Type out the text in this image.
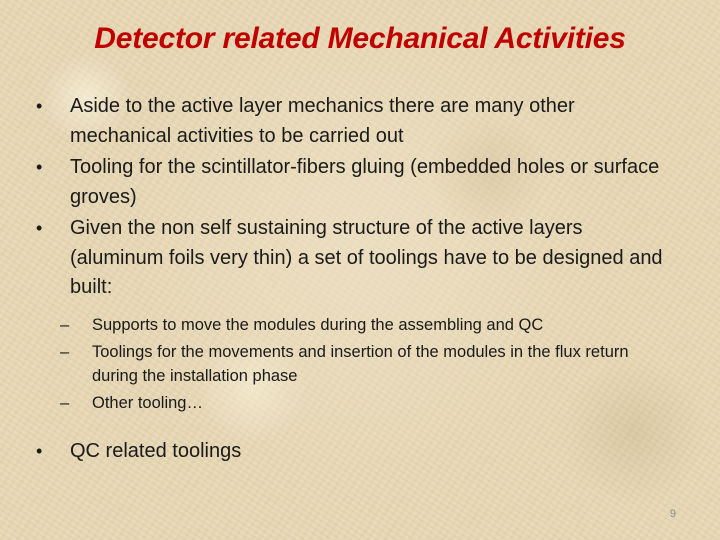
Detector related Mechanical Activities
•	Aside to the active layer mechanics there are many other mechanical activities to be carried out
•	Tooling for the scintillator-fibers gluing (embedded holes or surface groves)
•	Given the non self sustaining structure of the active layers (aluminum foils very thin) a set of toolings have to be designed and built:
– Supports to move the modules during the assembling and QC
– Toolings for the movements and insertion of the modules in the flux return during the installation phase
– Other tooling…
•	QC related toolings
9
